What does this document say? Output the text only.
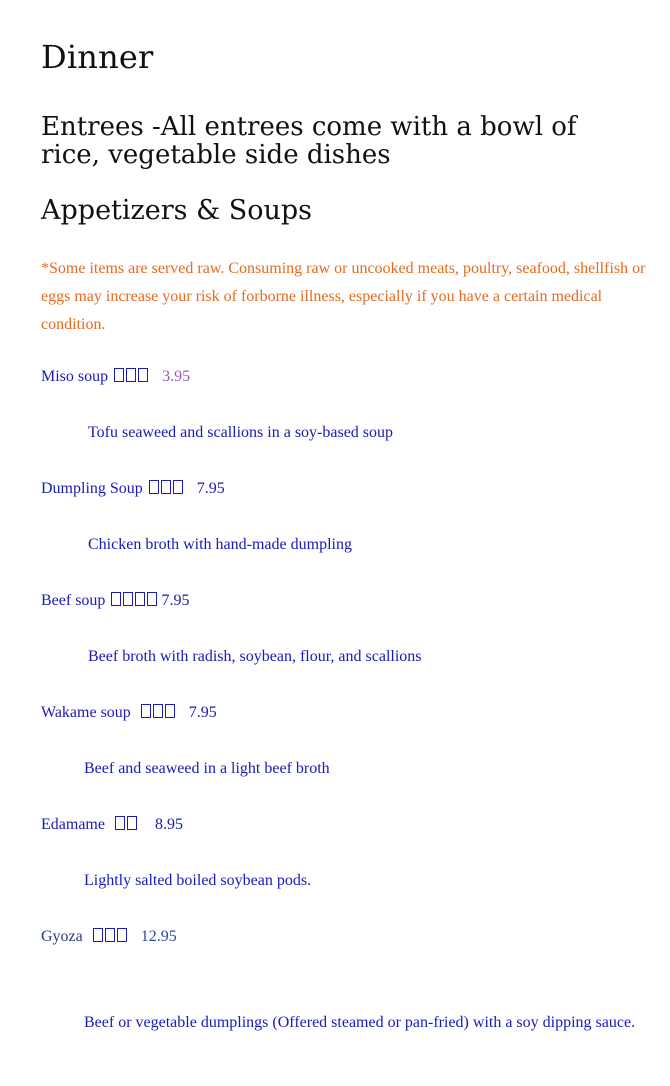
Dinner
Entrees -All entrees come with a bowl of rice, vegetable side dishes
Appetizers & Soups

*Some items are served raw. Consuming raw or uncooked meats, poultry, seafood, shellfish or eggs may increase your risk of forborne illness, especially if you have a certain medical condition.

Miso soup	3.95
Tofu seaweed and scallions in a soy-based soup
Dumpling Soup	7.95
Chicken broth with hand-made dumpling
Beef soup	7.95
Beef broth with radish, soybean, flour, and scallions
Wakame soup	7.95
Beef and seaweed in a light beef broth
Edamame	8.95
Lightly salted boiled soybean pods.
Gyoza	12.95
Beef or vegetable dumplings (Offered steamed or pan-fried) with a soy dipping sauce.
